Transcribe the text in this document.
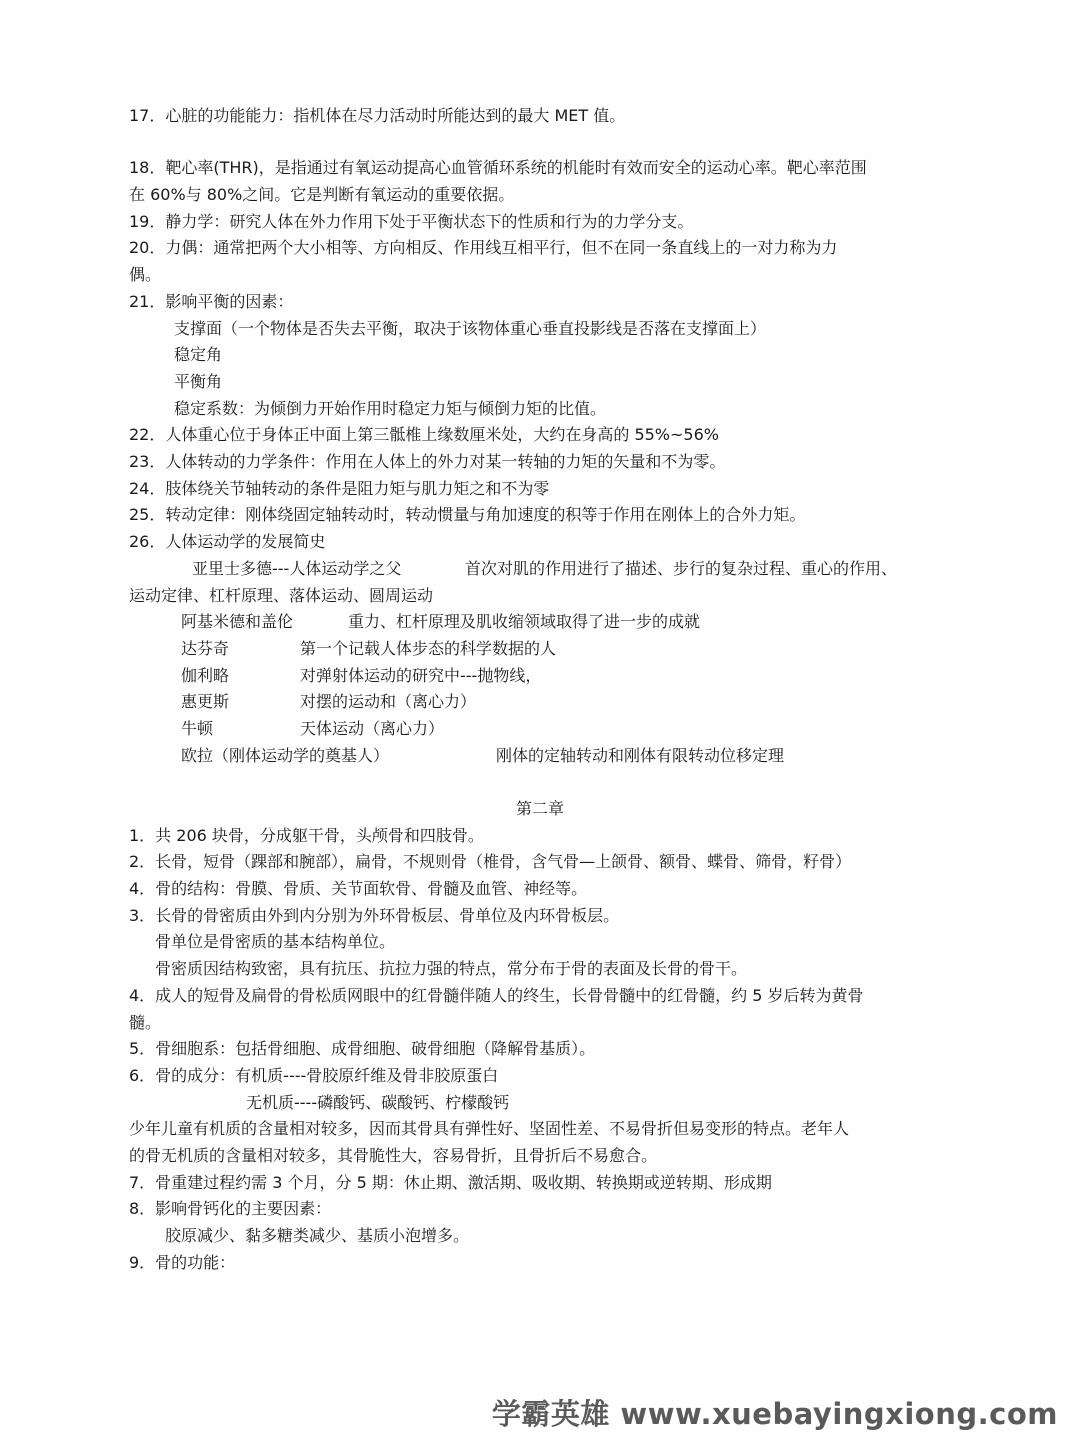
17．心脏的功能能力：指机体在尽力活动时所能达到的最大 MET 值。
18．靶心率(THR)，是指通过有氧运动提高心血管循环系统的机能时有效而安全的运动心率。靶心率范围
在 60%与 80%之间。它是判断有氧运动的重要依据。
19．静力学：研究人体在外力作用下处于平衡状态下的性质和行为的力学分支。
20．力偶：通常把两个大小相等、方向相反、作用线互相平行，但不在同一条直线上的一对力称为力
偶。
21．影响平衡的因素：
支撑面（一个物体是否失去平衡，取决于该物体重心垂直投影线是否落在支撑面上）
稳定角
平衡角
稳定系数：为倾倒力开始作用时稳定力矩与倾倒力矩的比值。
22．人体重心位于身体正中面上第三骶椎上缘数厘米处，大约在身高的 55%~56%
23．人体转动的力学条件：作用在人体上的外力对某一转轴的力矩的矢量和不为零。
24．肢体绕关节轴转动的条件是阻力矩与肌力矩之和不为零
25．转动定律：刚体绕固定轴转动时，转动惯量与角加速度的积等于作用在刚体上的合外力矩。
26．人体运动学的发展简史
亚里士多德---人体运动学之父	首次对肌的作用进行了描述、步行的复杂过程、重心的作用、
运动定律、杠杆原理、落体运动、圆周运动
阿基米德和盖伦	重力、杠杆原理及肌收缩领域取得了进一步的成就
达芬奇	第一个记载人体步态的科学数据的人
伽利略	对弹射体运动的研究中---抛物线，
惠更斯	对摆的运动和（离心力）
牛顿	天体运动（离心力）
欧拉（刚体运动学的奠基人）	刚体的定轴转动和刚体有限转动位移定理
第二章
1．共 206 块骨，分成躯干骨，头颅骨和四肢骨。
2．长骨，短骨（踝部和腕部），扁骨，不规则骨（椎骨，含气骨—上颌骨、额骨、蝶骨、筛骨，籽骨）
4．骨的结构：骨膜、骨质、关节面软骨、骨髓及血管、神经等。
3．长骨的骨密质由外到内分别为外环骨板层、骨单位及内环骨板层。
骨单位是骨密质的基本结构单位。
骨密质因结构致密，具有抗压、抗拉力强的特点，常分布于骨的表面及长骨的骨干。
4．成人的短骨及扁骨的骨松质网眼中的红骨髓伴随人的终生，长骨骨髓中的红骨髓，约 5 岁后转为黄骨
髓。
5．骨细胞系：包括骨细胞、成骨细胞、破骨细胞（降解骨基质）。
6．骨的成分：有机质----骨胶原纤维及骨非胶原蛋白
无机质----磷酸钙、碳酸钙、柠檬酸钙
少年儿童有机质的含量相对较多，因而其骨具有弹性好、坚固性差、不易骨折但易变形的特点。老年人
的骨无机质的含量相对较多，其骨脆性大，容易骨折，且骨折后不易愈合。
7．骨重建过程约需 3 个月，分 5 期：休止期、激活期、吸收期、转换期或逆转期、形成期
8．影响骨钙化的主要因素：
胶原减少、黏多糖类减少、基质小泡增多。
9．骨的功能：
学霸英雄 www.xuebayingxiong.com
